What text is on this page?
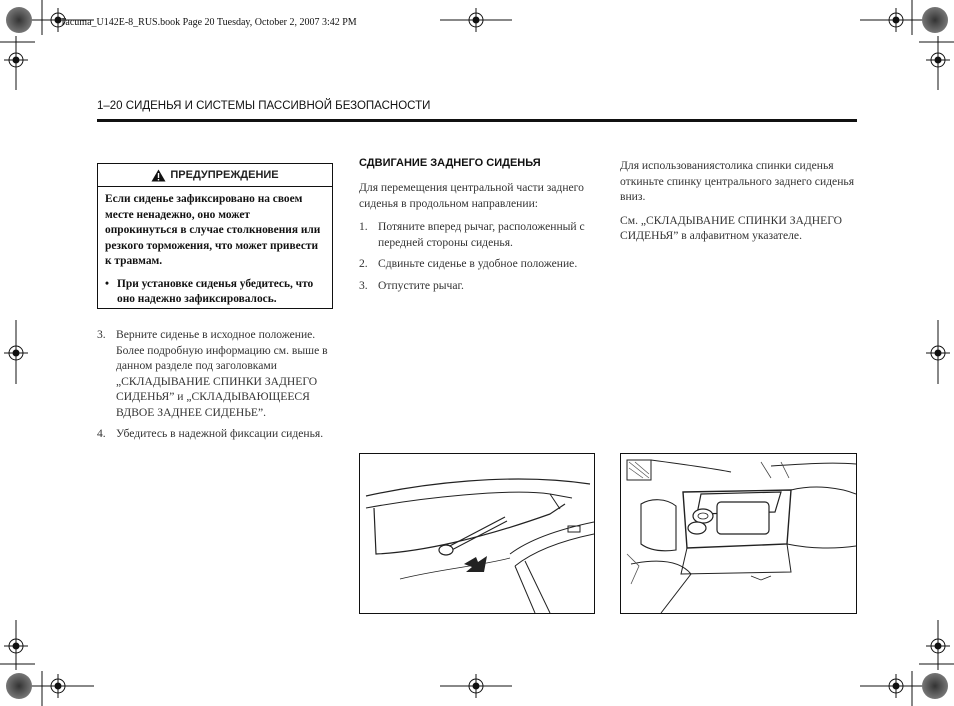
Tacuma_U142E-8_RUS.book Page 20 Tuesday, October 2, 2007 3:42 PM
1–20 СИДЕНЬЯ И СИСТЕМЫ ПАССИВНОЙ БЕЗОПАСНОСТИ
ПРЕДУПРЕЖДЕНИЕ
Если сиденье зафиксировано на своем месте ненадежно, оно может опрокинуться в случае столкновения или резкого торможения, что может привести к травмам.
• При установке сиденья убедитесь, что оно надежно зафиксировалось.
3. Верните сиденье в исходное положение. Более подробную информацию см. выше в данном разделе под заголовками „СКЛАДЫВАНИЕ СПИНКИ ЗАДНЕГО СИДЕНЬЯ” и „СКЛАДЫВАЮЩЕЕСЯ ВДВОЕ ЗАДНЕЕ СИДЕНЬЕ”.
4. Убедитесь в надежной фиксации сиденья.
СДВИГАНИЕ ЗАДНЕГО СИДЕНЬЯ
Для перемещения центральной части заднего сиденья в продольном направлении:
1. Потяните вперед рычаг, расположенный с передней стороны сиденья.
2. Сдвиньте сиденье в удобное положение.
3. Отпустите рычаг.
Для использованиястолика спинки сиденья откиньте спинку центрального заднего сиденья вниз.
См. „СКЛАДЫВАНИЕ СПИНКИ ЗАДНЕГО СИДЕНЬЯ” в алфавитном указателе.
